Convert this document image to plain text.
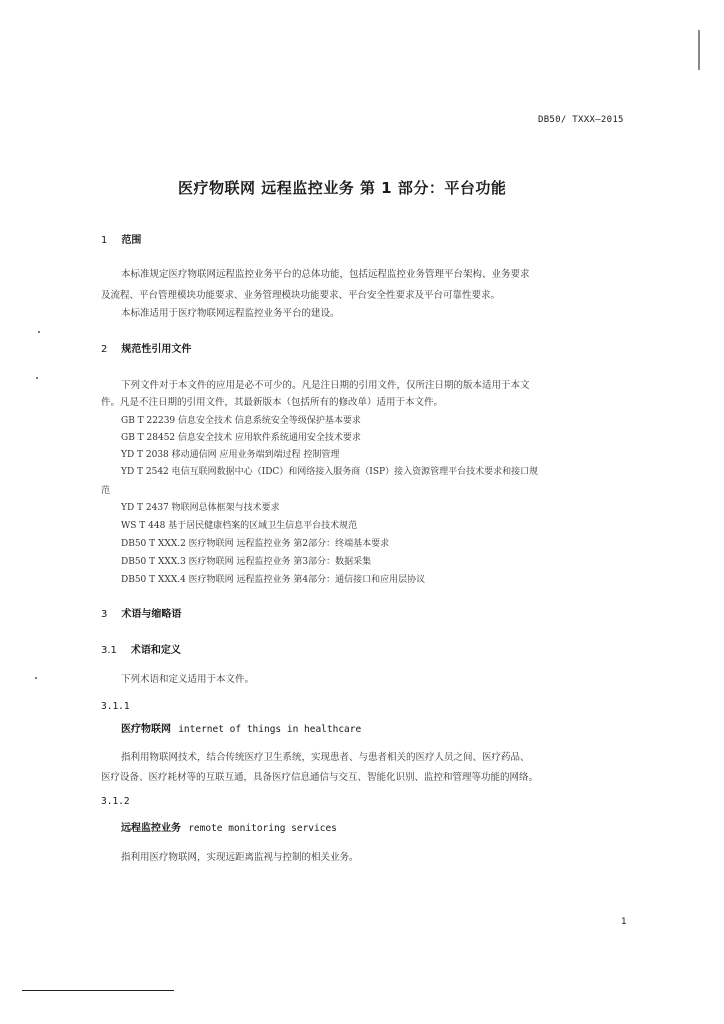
DB50/ TXXX—2015
医疗物联网 远程监控业务 第 1 部分：平台功能
1 范围
本标准规定医疗物联网远程监控业务平台的总体功能，包括远程监控业务管理平台架构、业务要求
及流程、平台管理模块功能要求、业务管理模块功能要求、平台安全性要求及平台可靠性要求。
本标准适用于医疗物联网远程监控业务平台的建设。
2 规范性引用文件
下列文件对于本文件的应用是必不可少的。凡是注日期的引用文件，仅所注日期的版本适用于本文
件。凡是不注日期的引用文件，其最新版本（包括所有的修改单）适用于本文件。
GB T 22239 信息安全技术 信息系统安全等级保护基本要求
GB T 28452 信息安全技术 应用软件系统通用安全技术要求
YD T 2038 移动通信网 应用业务端到端过程 控制管理
YD T 2542 电信互联网数据中心（IDC）和网络接入服务商（ISP）接入资源管理平台技术要求和接口规
范
YD T 2437 物联网总体框架与技术要求
WS T 448 基于居民健康档案的区域卫生信息平台技术规范
DB50 T XXX.2 医疗物联网 远程监控业务 第2部分：终端基本要求
DB50 T XXX.3 医疗物联网 远程监控业务 第3部分：数据采集
DB50 T XXX.4 医疗物联网 远程监控业务 第4部分：通信接口和应用层协议
3 术语与缩略语
3.1 术语和定义
下列术语和定义适用于本文件。
3.1.1
医疗物联网 internet of things in healthcare
指利用物联网技术，结合传统医疗卫生系统，实现患者、与患者相关的医疗人员之间、医疗药品、
医疗设备、医疗耗材等的互联互通，具备医疗信息通信与交互、智能化识别、监控和管理等功能的网络。
3.1.2
远程监控业务 remote monitoring services
指利用医疗物联网，实现远距离监视与控制的相关业务。
1
